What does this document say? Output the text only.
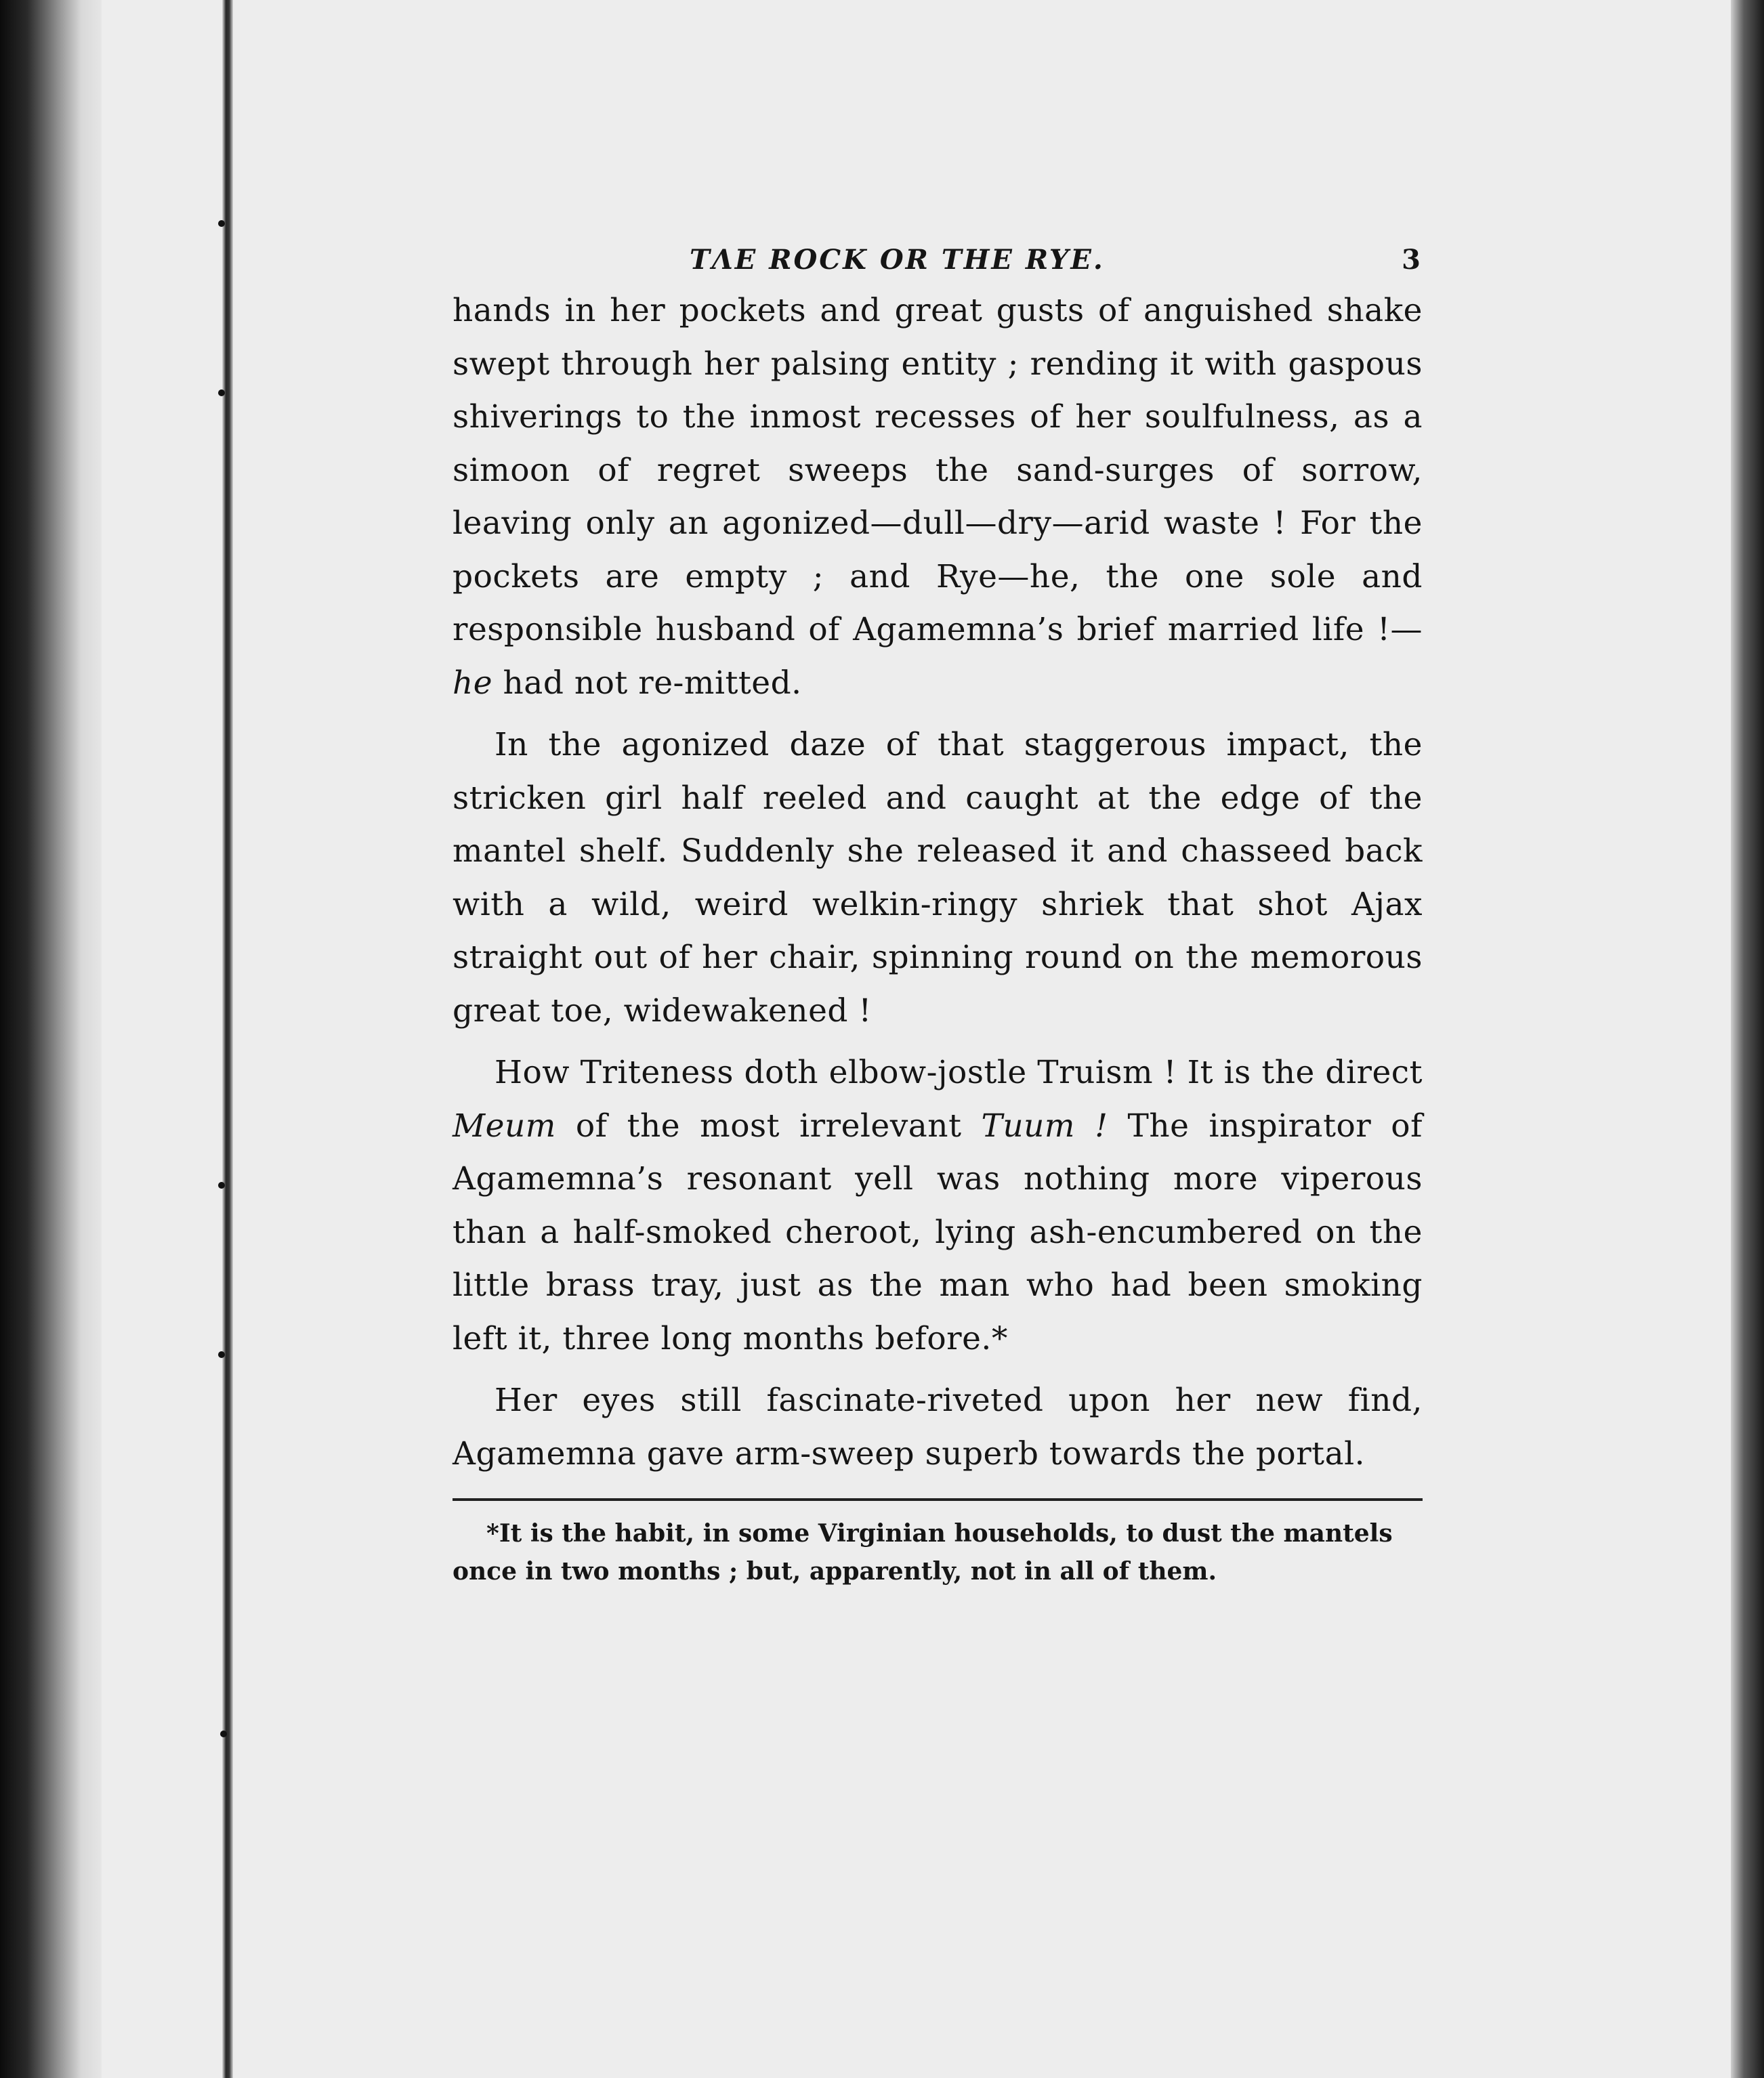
TΛE ROCK OR THE RYE.	3

hands in her pockets and great gusts of anguished shake swept through her palsing entity ; rending it with gaspous shiverings to the inmost recesses of her soulfulness, as a simoon of regret sweeps the sand-surges of sorrow, leaving only an agonized—dull—dry—arid waste ! For the pockets are empty ; and Rye—he, the one sole and responsible husband of Agamemna’s brief married life !—he had not re-mitted.

In the agonized daze of that staggerous impact, the stricken girl half reeled and caught at the edge of the mantel shelf. Suddenly she released it and chasseed back with a wild, weird welkin-ringy shriek that shot Ajax straight out of her chair, spinning round on the memorous great toe, widewakened !

How Triteness doth elbow-jostle Truism ! It is the direct Meum of the most irrelevant Tuum ! The inspirator of Agamemna’s resonant yell was nothing more viperous than a half-smoked cheroot, lying ash-encumbered on the little brass tray, just as the man who had been smoking left it, three long months before.*

Her eyes still fascinate-riveted upon her new find, Agamemna gave arm-sweep superb towards the portal.

*It is the habit, in some Virginian households, to dust the mantels
once in two months ; but, apparently, not in all of them.
